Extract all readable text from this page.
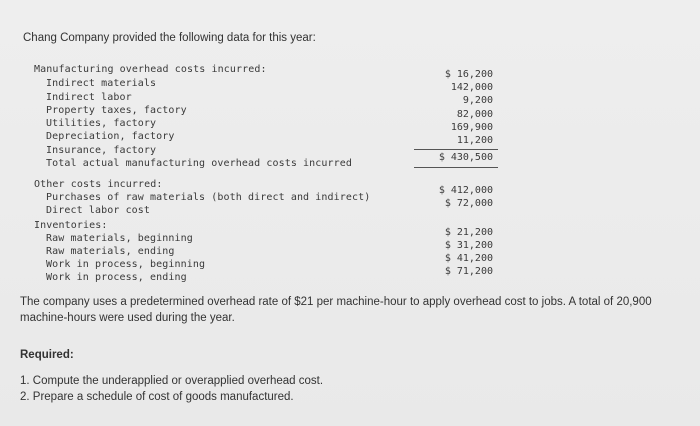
Chang Company provided the following data for this year:
Manufacturing overhead costs incurred:
Indirect materials
Indirect labor
Property taxes, factory
Utilities, factory
Depreciation, factory
Insurance, factory
Total actual manufacturing overhead costs incurred
$ 16,200
142,000
9,200
82,000
169,900
11,200
$ 430,500
Other costs incurred:
Purchases of raw materials (both direct and indirect)
Direct labor cost
$ 412,000
$ 72,000
Inventories:
Raw materials, beginning
Raw materials, ending
Work in process, beginning
Work in process, ending
$ 21,200
$ 31,200
$ 41,200
$ 71,200
The company uses a predetermined overhead rate of $21 per machine-hour to apply overhead cost to jobs. A total of 20,900 machine-hours were used during the year.
Required:
1. Compute the underapplied or overapplied overhead cost.
2. Prepare a schedule of cost of goods manufactured.
